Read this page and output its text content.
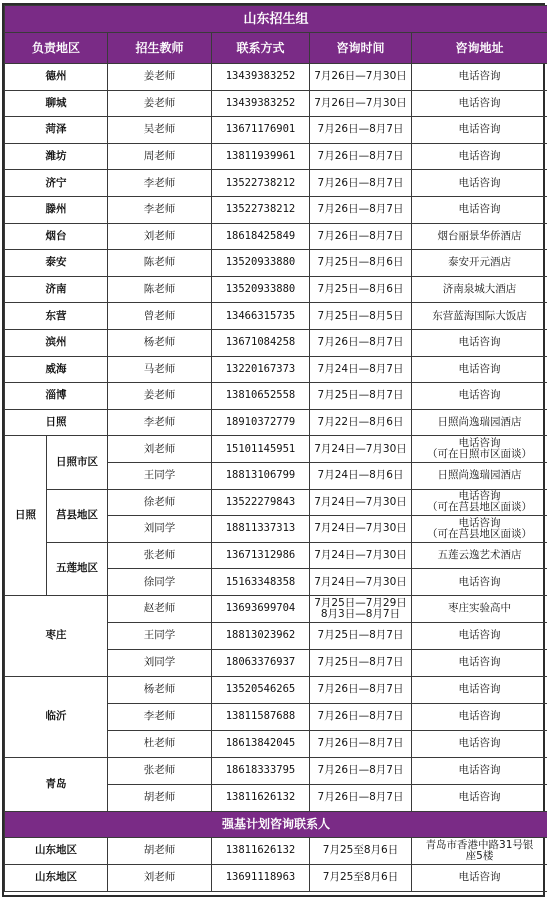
山东招生组					
负责地区		招生教师	联系方式	咨询时间	咨询地址
德州		姜老师	13439383252	7月26日—7月30日	电话咨询
聊城		姜老师	13439383252	7月26日—7月30日	电话咨询
菏泽		吴老师	13671176901	7月26日—8月7日	电话咨询
潍坊		周老师	13811939961	7月26日—8月7日	电话咨询
济宁		李老师	13522738212	7月26日—8月7日	电话咨询
滕州		李老师	13522738212	7月26日—8月7日	电话咨询
烟台		刘老师	18618425849	7月26日—8月7日	烟台丽景华侨酒店
泰安		陈老师	13520933880	7月25日—8月6日	泰安开元酒店
济南		陈老师	13520933880	7月25日—8月6日	济南泉城大酒店
东营		曾老师	13466315735	7月25日—8月5日	东营蓝海国际大饭店
滨州		杨老师	13671084258	7月26日—8月7日	电话咨询
威海		马老师	13220167373	7月24日—8月7日	电话咨询
淄博		姜老师	13810652558	7月25日—8月7日	电话咨询
日照		李老师	18910372779	7月22日—8月6日	日照尚逸瑞园酒店
日照	日照市区	刘老师	15101145951	7月24日—7月30日	电话咨询
（可在日照市区面谈）
		王同学	18813106799	7月24日—8月6日	日照尚逸瑞园酒店
	莒县地区	徐老师	13522279843	7月24日—7月30日	电话咨询
（可在莒县地区面谈）
		刘同学	18811337313	7月24日—7月30日	电话咨询
（可在莒县地区面谈）
	五莲地区	张老师	13671312986	7月24日—7月30日	五莲云逸艺术酒店
		徐同学	15163348358	7月24日—7月30日	电话咨询
枣庄		赵老师	13693699704	7月25日—7月29日
8月3日—8月7日	枣庄实验高中
		王同学	18813023962	7月25日—8月7日	电话咨询
		刘同学	18063376937	7月25日—8月7日	电话咨询
临沂		杨老师	13520546265	7月26日—8月7日	电话咨询
		李老师	13811587688	7月26日—8月7日	电话咨询
		杜老师	18613842045	7月26日—8月7日	电话咨询
青岛		张老师	18618333795	7月26日—8月7日	电话咨询
		胡老师	13811626132	7月26日—8月7日	电话咨询
强基计划咨询联系人					
山东地区		胡老师	13811626132	7月25至8月6日	青岛市香港中路31号银
座5楼
山东地区		刘老师	13691118963	7月25至8月6日	电话咨询
